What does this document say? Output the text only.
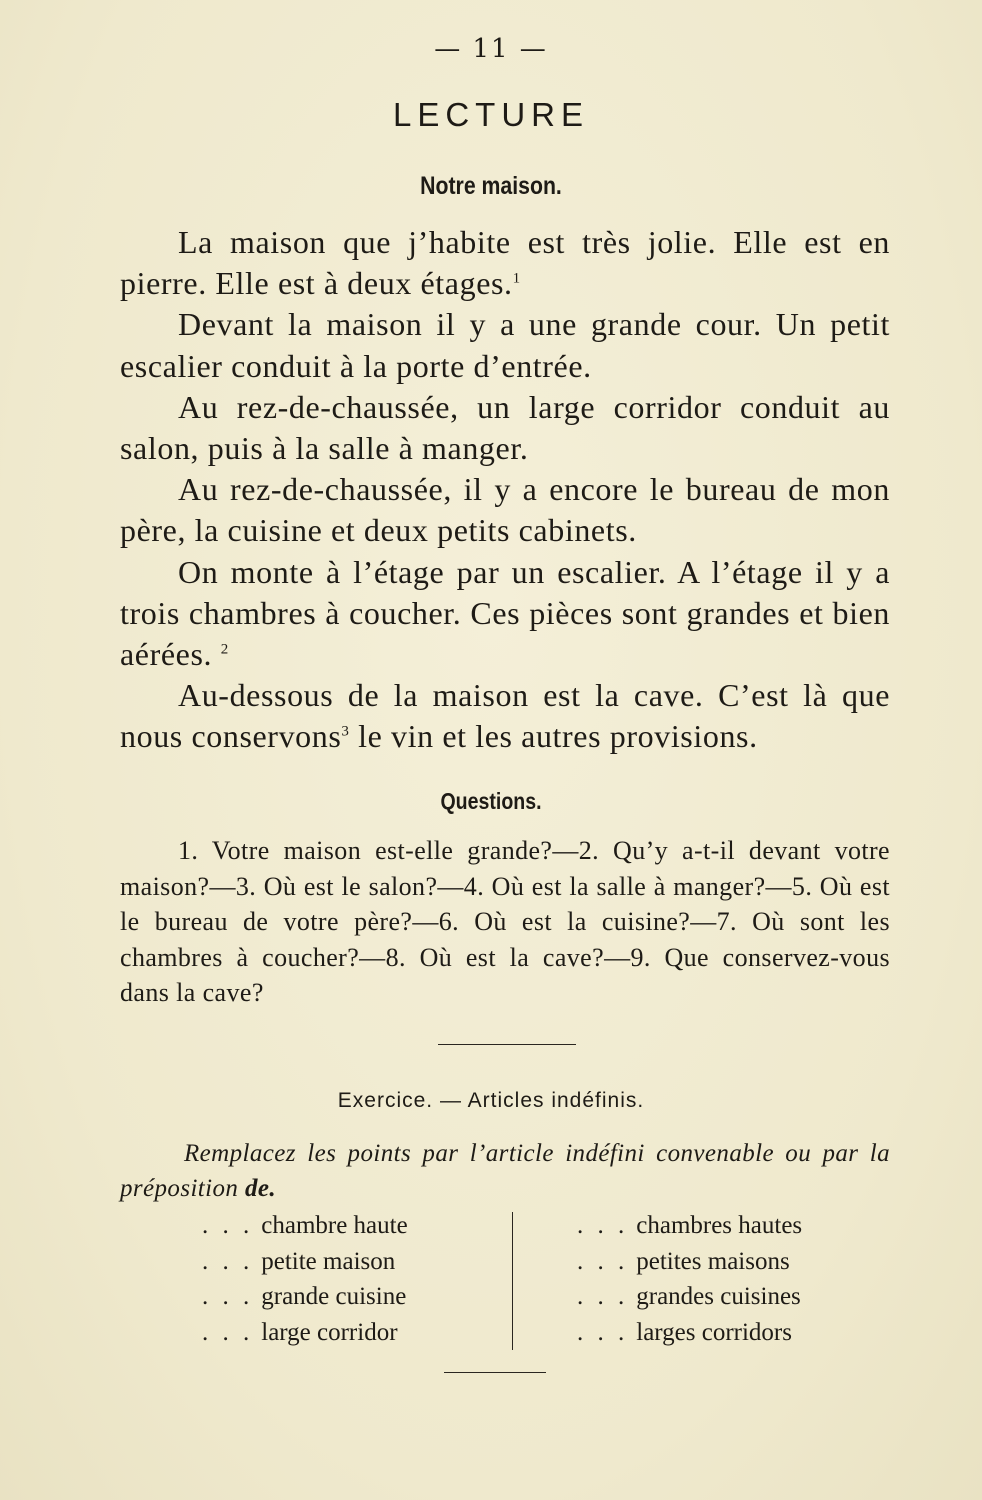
— 11 —
LECTURE
Notre maison.

La maison que j’habite est très jolie. Elle est en pierre. Elle est à deux étages.$^1$

Devant la maison il y a une grande cour. Un petit escalier conduit à la porte d’entrée.

Au rez-de-chaussée, un large corridor conduit au salon, puis à la salle à manger.

Au rez-de-chaussée, il y a encore le bureau de mon père, la cuisine et deux petits cabinets.

On monte à l’étage par un escalier. A l’étage il y a trois chambres à coucher. Ces pièces sont grandes et bien aérées. $^2$

Au-dessous de la maison est la cave. C’est là que nous conservons$^3$ le vin et les autres provisions.

Questions.

1. Votre maison est-elle grande?—2. Qu’y a-t-il devant votre maison?—3. Où est le salon?—4. Où est la salle à manger?—5. Où est le bureau de votre père?—6. Où est la cuisine?—7. Où sont les chambres à coucher?—8. Où est la cave?—9. Que conservez-vous dans la cave?

Exercice. — Articles indéfinis.

Remplacez les points par l’article indéfini convenable ou par la préposition de.

. . . chambre haute
. . . petite maison
. . . grande cuisine
. . . large corridor
. . . chambres hautes
. . . petites maisons
. . . grandes cuisines
. . . larges corridors
